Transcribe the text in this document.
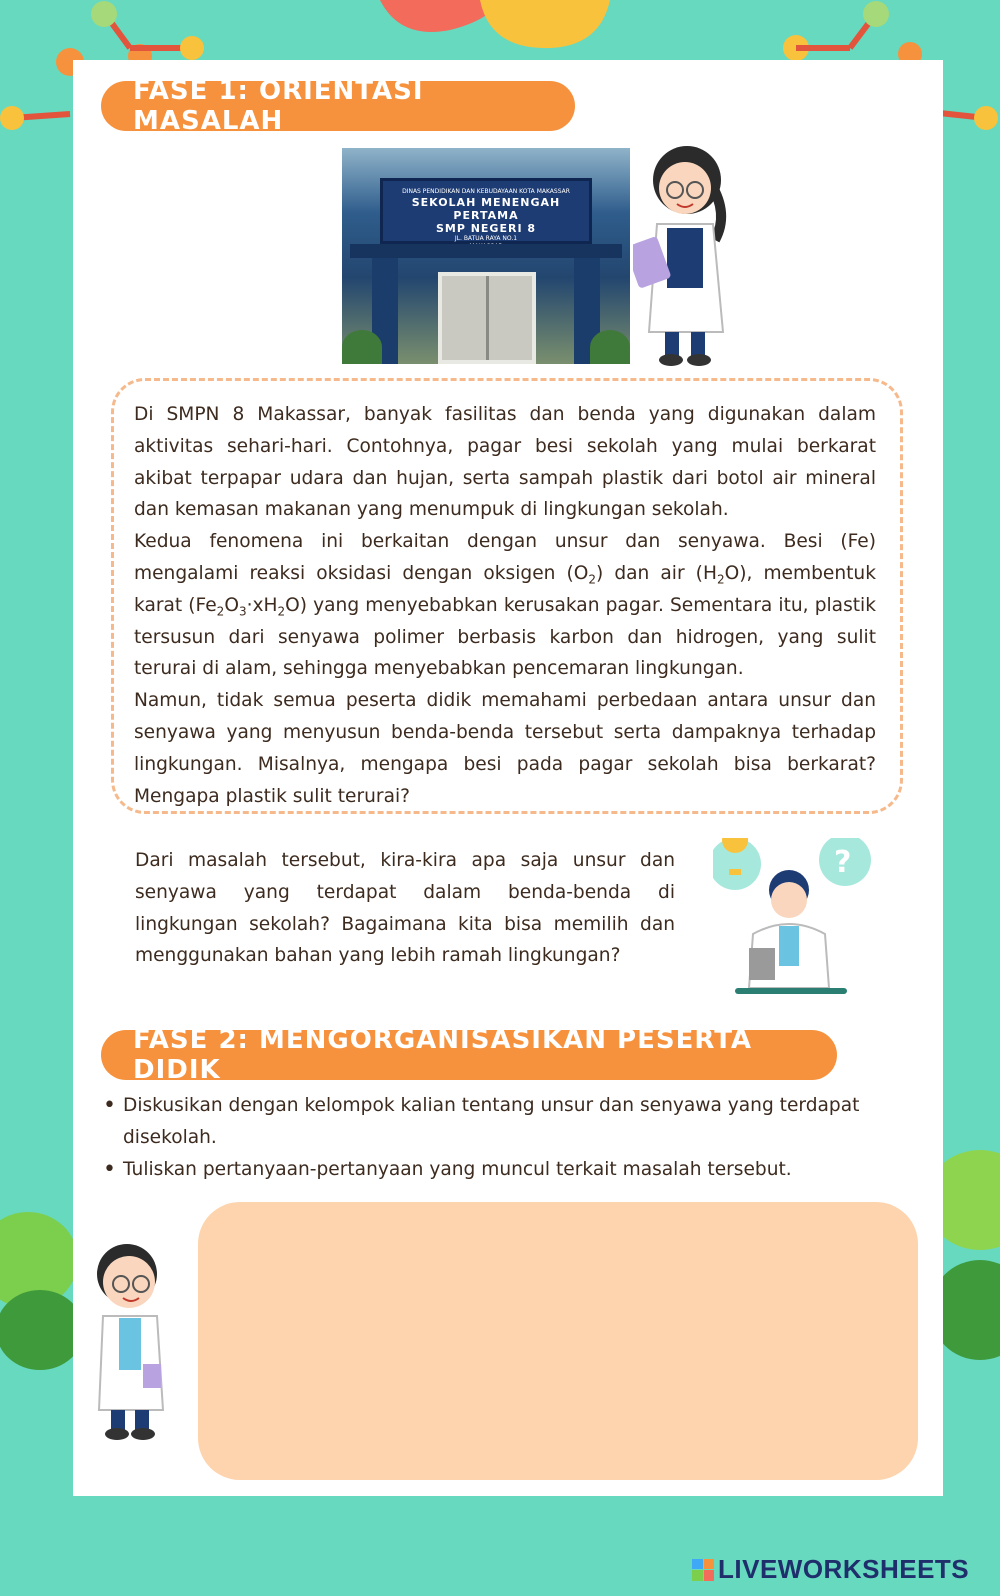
FASE 1: ORIENTASI MASALAH
DINAS PENDIDIKAN DAN KEBUDAYAAN KOTA MAKASSAR
SEKOLAH MENENGAH PERTAMA
SMP NEGERI 8
JL. BATUA RAYA NO.1

Di SMPN 8 Makassar, banyak fasilitas dan benda yang digunakan dalam aktivitas sehari-hari. Contohnya, pagar besi sekolah yang mulai berkarat akibat terpapar udara dan hujan, serta sampah plastik dari botol air mineral dan kemasan makanan yang menumpuk di lingkungan sekolah.

Kedua fenomena ini berkaitan dengan unsur dan senyawa. Besi (Fe) mengalami reaksi oksidasi dengan oksigen $(O_2)$ dan air $(H_2O)$, membentuk karat $(Fe_2O_3\cdot xH_2O)$ yang menyebabkan kerusakan pagar. Sementara itu, plastik tersusun dari senyawa polimer berbasis karbon dan hidrogen, yang sulit terurai di alam, sehingga menyebabkan pencemaran lingkungan.

Namun, tidak semua peserta didik memahami perbedaan antara unsur dan senyawa yang menyusun benda-benda tersebut serta dampaknya terhadap lingkungan. Misalnya, mengapa besi pada pagar sekolah bisa berkarat? Mengapa plastik sulit terurai?

Dari masalah tersebut, kira-kira apa saja unsur dan senyawa yang terdapat dalam benda-benda di lingkungan sekolah? Bagaimana kita bisa memilih dan menggunakan bahan yang lebih ramah lingkungan?
?
FASE 2: MENGORGANISASIKAN PESERTA DIDIK
• Diskusikan dengan kelompok kalian tentang unsur dan senyawa yang terdapat disekolah.
• Tuliskan pertanyaan-pertanyaan yang muncul terkait masalah tersebut.
LIVEWORKSHEETS
